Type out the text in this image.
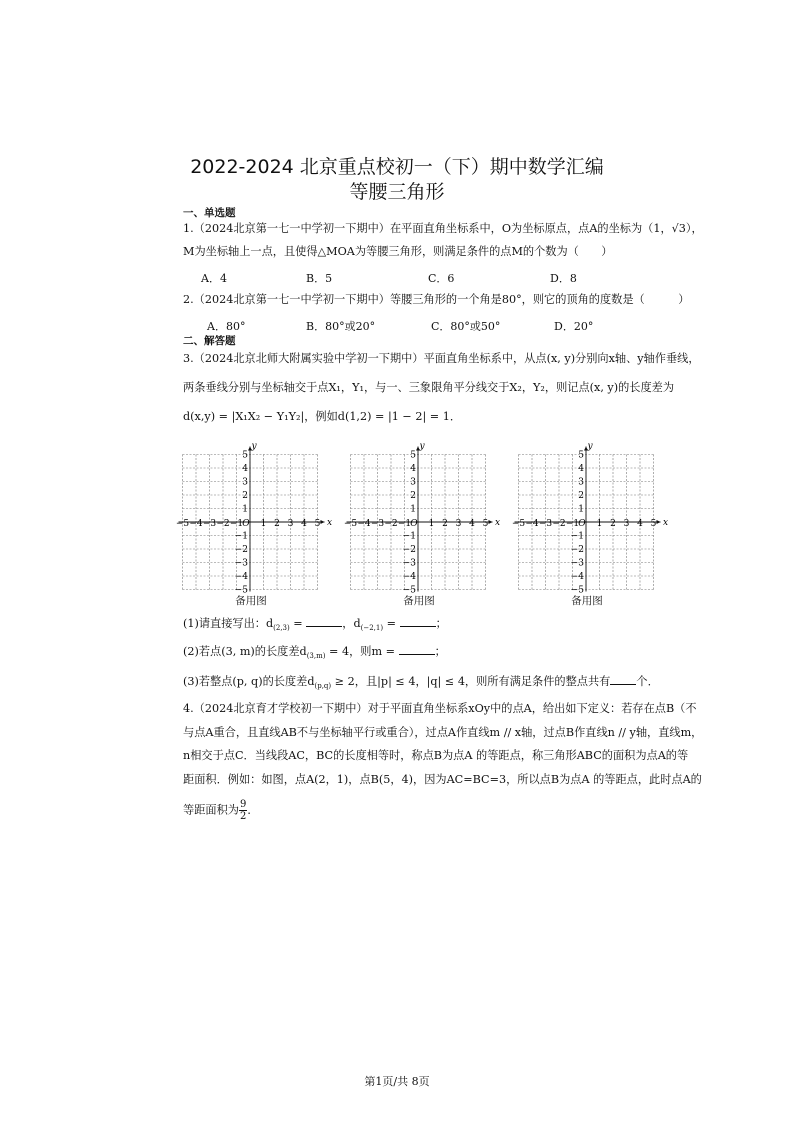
2022-2024 北京重点校初一（下）期中数学汇编
等腰三角形
一、单选题
1.（2024北京第一七一中学初一下期中）在平面直角坐标系中，O为坐标原点，点A的坐标为（1，√3），
M为坐标轴上一点，且使得△MOA为等腰三角形，则满足条件的点M的个数为（　　）
A．4	B．5	C．6	D．8
2.（2024北京第一七一中学初一下期中）等腰三角形的一个角是80°，则它的顶角的度数是（　　　）
A．80°	B．80°或20°	C．80°或50°	D．20°
二、解答题
3.（2024北京北师大附属实验中学初一下期中）平面直角坐标系中，从点(x, y)分别向x轴、y轴作垂线，
两条垂线分别与坐标轴交于点X₁，Y₁，与一、三象限角平分线交于X₂，Y₂，则记点(x, y)的长度差为
d(x,y) = |X₁X₂ − Y₁Y₂|，例如d(1,2) = |1 − 2| = 1．
x
y
O
−5 −4 −3 −2 −1 1 2 3 4 5
5
4
3
2
1
−1
−2
−3
−4
−5
x
y
O
−5 −4 −3 −2 −1 1 2 3 4 5
5
4
3
2
1
−1
−2
−3
−4
−5
x
y
O
−5 −4 −3 −2 −1 1 2 3 4 5
5
4
3
2
1
−1
−2
−3
−4
−5
备用图	备用图	备用图
(1)请直接写出：$d_{(2,3)}$ =	，$d_{(-2,1)}$ =	；
(2)若点(3, m)的长度差$d_{(3,m)} = 4$，则m =	；
(3)若整点(p, q)的长度差$d_{(p,q)} \ge 2$，且|p| ≤ 4，|q| ≤ 4，则所有满足条件的整点共有 个．
4.（2024北京育才学校初一下期中）对于平面直角坐标系xOy中的点A，给出如下定义：若存在点B（不
与点A重合，且直线AB不与坐标轴平行或重合），过点A作直线m // x轴，过点B作直线n // y轴，直线m，
n相交于点C．当线段AC，BC的长度相等时，称点B为点A 的等距点，称三角形ABC的面积为点A的等
距面积．例如：如图，点A(2，1)，点B(5，4)，因为AC=BC=3，所以点B为点A 的等距点，此时点A的
等距面积为 $\frac{9}{2}$ ．
第1页/共 8页
